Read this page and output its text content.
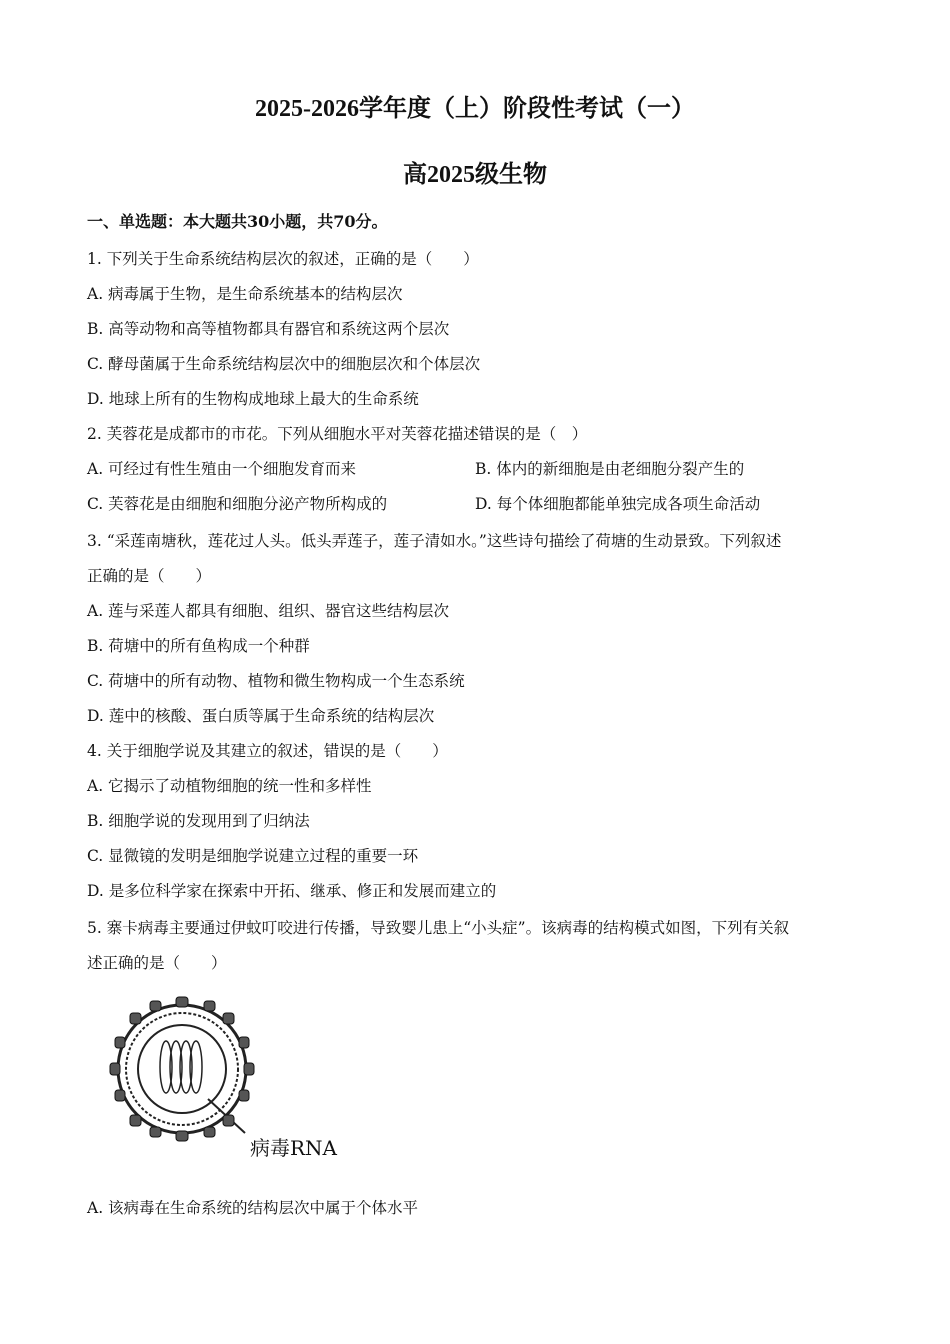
2025-2026学年度（上）阶段性考试（一）
高2025级生物
一、单选题：本大题共30小题，共70分。
1. 下列关于生命系统结构层次的叙述，正确的是（　　）
A. 病毒属于生物，是生命系统基本的结构层次
B. 高等动物和高等植物都具有器官和系统这两个层次
C. 酵母菌属于生命系统结构层次中的细胞层次和个体层次
D. 地球上所有的生物构成地球上最大的生命系统
2. 芙蓉花是成都市的市花。下列从细胞水平对芙蓉花描述错误的是（　）
A. 可经过有性生殖由一个细胞发育而来	B. 体内的新细胞是由老细胞分裂产生的
C. 芙蓉花是由细胞和细胞分泌产物所构成的	D. 每个体细胞都能单独完成各项生命活动
3. “采莲南塘秋，莲花过人头。低头弄莲子，莲子清如水。”这些诗句描绘了荷塘的生动景致。下列叙述
正确的是（　　）
A. 莲与采莲人都具有细胞、组织、器官这些结构层次
B. 荷塘中的所有鱼构成一个种群
C. 荷塘中的所有动物、植物和微生物构成一个生态系统
D. 莲中的核酸、蛋白质等属于生命系统的结构层次
4. 关于细胞学说及其建立的叙述，错误的是（　　）
A. 它揭示了动植物细胞的统一性和多样性
B. 细胞学说的发现用到了归纳法
C. 显微镜的发明是细胞学说建立过程的重要一环
D. 是多位科学家在探索中开拓、继承、修正和发展而建立的
5. 寨卡病毒主要通过伊蚊叮咬进行传播，导致婴儿患上“小头症”。该病毒的结构模式如图，下列有关叙
述正确的是（　　）
病毒RNA
A. 该病毒在生命系统的结构层次中属于个体水平
